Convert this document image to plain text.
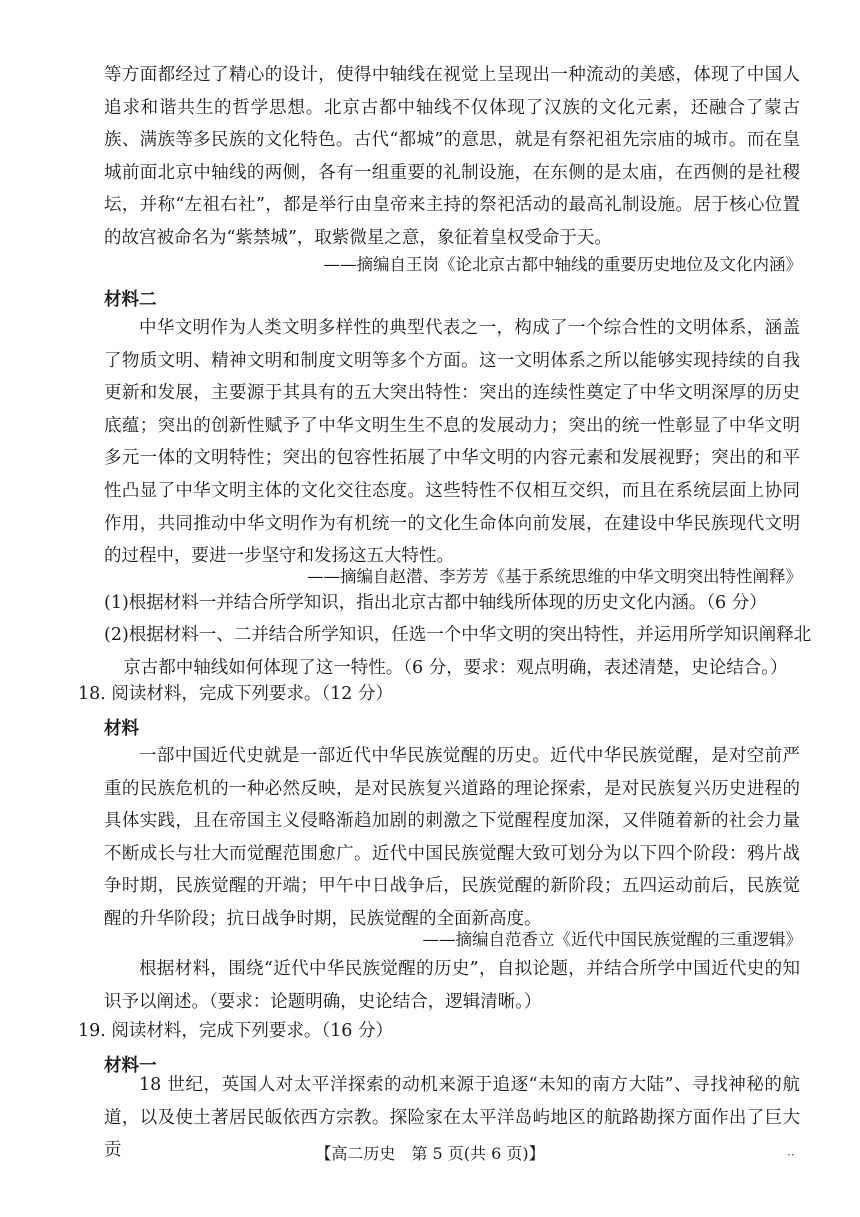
等方面都经过了精心的设计，使得中轴线在视觉上呈现出一种流动的美感，体现了中国人追求和谐共生的哲学思想。北京古都中轴线不仅体现了汉族的文化元素，还融合了蒙古族、满族等多民族的文化特色。古代“都城”的意思，就是有祭祀祖先宗庙的城市。而在皇城前面北京中轴线的两侧，各有一组重要的礼制设施，在东侧的是太庙，在西侧的是社稷坛，并称“左祖右社”，都是举行由皇帝来主持的祭祀活动的最高礼制设施。居于核心位置的故宫被命名为“紫禁城”，取紫微星之意，象征着皇权受命于天。

——摘编自王岗《论北京古都中轴线的重要历史地位及文化内涵》

材料二

中华文明作为人类文明多样性的典型代表之一，构成了一个综合性的文明体系，涵盖了物质文明、精神文明和制度文明等多个方面。这一文明体系之所以能够实现持续的自我更新和发展，主要源于其具有的五大突出特性：突出的连续性奠定了中华文明深厚的历史底蕴；突出的创新性赋予了中华文明生生不息的发展动力；突出的统一性彰显了中华文明多元一体的文明特性；突出的包容性拓展了中华文明的内容元素和发展视野；突出的和平性凸显了中华文明主体的文化交往态度。这些特性不仅相互交织，而且在系统层面上协同作用，共同推动中华文明作为有机统一的文化生命体向前发展，在建设中华民族现代文明的过程中，要进一步坚守和发扬这五大特性。

——摘编自赵潜、李芳芳《基于系统思维的中华文明突出特性阐释》

(1)根据材料一并结合所学知识，指出北京古都中轴线所体现的历史文化内涵。（6 分）

(2)根据材料一、二并结合所学知识，任选一个中华文明的突出特性，并运用所学知识阐释北京古都中轴线如何体现了这一特性。（6 分，要求：观点明确，表述清楚，史论结合。）

18. 阅读材料，完成下列要求。（12 分）

材料

一部中国近代史就是一部近代中华民族觉醒的历史。近代中华民族觉醒，是对空前严重的民族危机的一种必然反映，是对民族复兴道路的理论探索，是对民族复兴历史进程的具体实践，且在帝国主义侵略渐趋加剧的刺激之下觉醒程度加深，又伴随着新的社会力量不断成长与壮大而觉醒范围愈广。近代中国民族觉醒大致可划分为以下四个阶段：鸦片战争时期，民族觉醒的开端；甲午中日战争后，民族觉醒的新阶段；五四运动前后，民族觉醒的升华阶段；抗日战争时期，民族觉醒的全面新高度。

——摘编自范香立《近代中国民族觉醒的三重逻辑》

根据材料，围绕“近代中华民族觉醒的历史”，自拟论题，并结合所学中国近代史的知识予以阐述。（要求：论题明确，史论结合，逻辑清晰。）

19. 阅读材料，完成下列要求。（16 分）

材料一

18 世纪，英国人对太平洋探索的动机来源于追逐“未知的南方大陆”、寻找神秘的航道，以及使土著居民皈依西方宗教。探险家在太平洋岛屿地区的航路勘探方面作出了巨大贡	【高二历史　第 5 页(共 6 页)】	··
